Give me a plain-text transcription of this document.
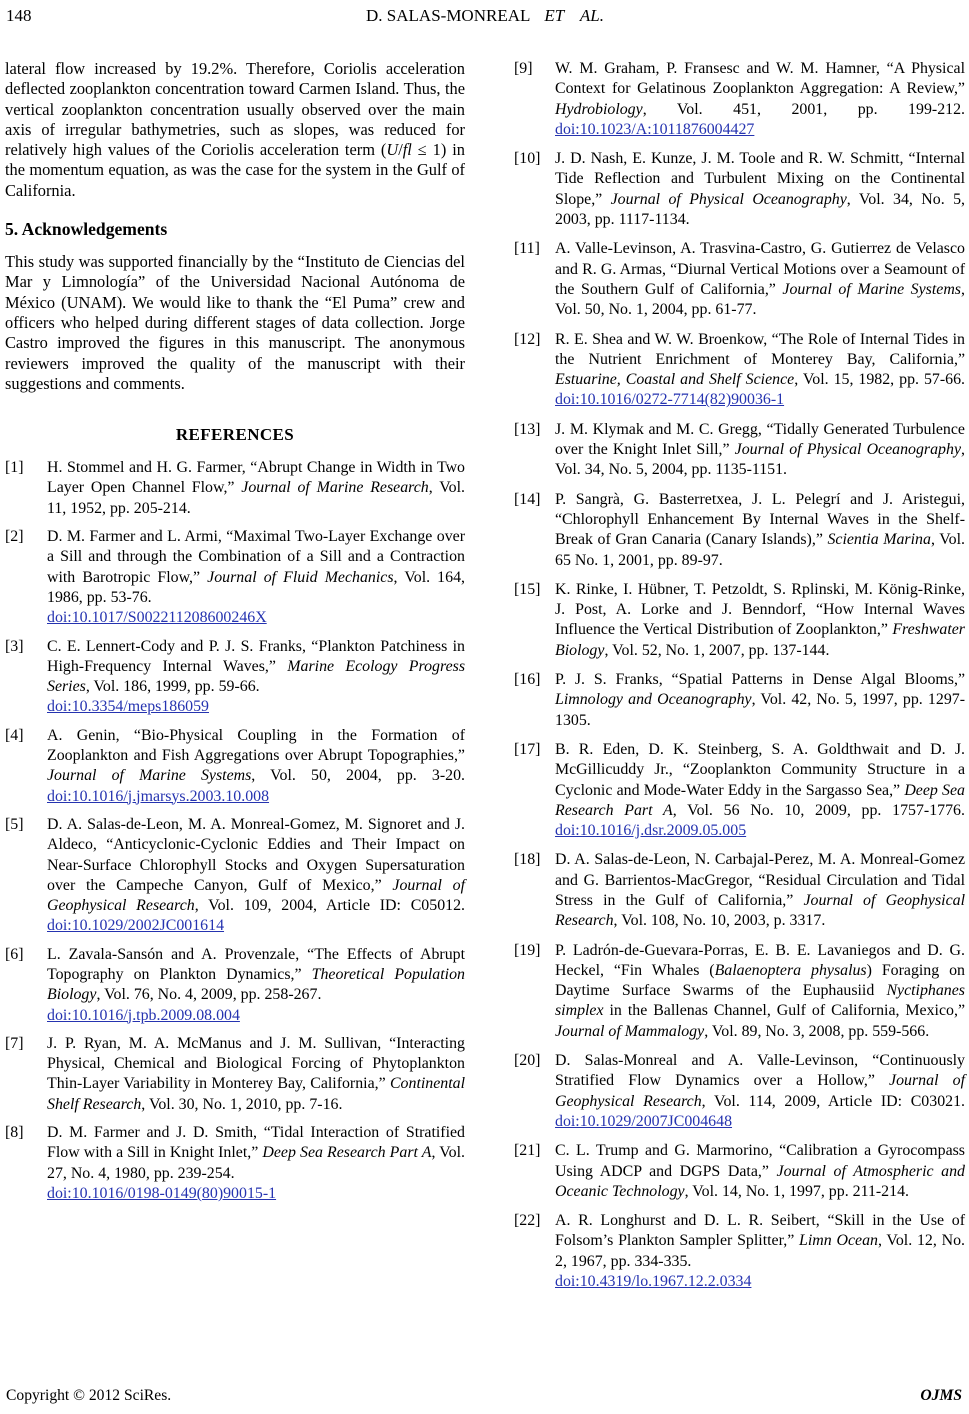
148	D. SALAS-MONREAL ET AL.

lateral flow increased by 19.2%. Therefore, Coriolis acceleration deflected zooplankton concentration toward Carmen Island. Thus, the vertical zooplankton concentration usually observed over the main axis of irregular bathymetries, such as slopes, was reduced for relatively high values of the Coriolis acceleration term (U/fl ≤ 1) in the momentum equation, as was the case for the system in the Gulf of California.

5. Acknowledgements

This study was supported financially by the “Instituto de Ciencias del Mar y Limnología” of the Universidad Nacional Autónoma de México (UNAM). We would like to thank the “El Puma” crew and officers who helped during different stages of data collection. Jorge Castro improved the figures in this manuscript. The anonymous reviewers improved the quality of the manuscript with their suggestions and comments.

REFERENCES
[1] H. Stommel and H. G. Farmer, “Abrupt Change in Width in Two Layer Open Channel Flow,” Journal of Marine Research, Vol. 11, 1952, pp. 205-214.
[2] D. M. Farmer and L. Armi, “Maximal Two-Layer Exchange over a Sill and through the Combination of a Sill and a Contraction with Barotropic Flow,” Journal of Fluid Mechanics, Vol. 164, 1986, pp. 53-76.
doi:10.1017/S002211208600246X
[3] C. E. Lennert-Cody and P. J. S. Franks, “Plankton Patchiness in High-Frequency Internal Waves,” Marine Ecology Progress Series, Vol. 186, 1999, pp. 59-66.
doi:10.3354/meps186059
[4] A. Genin, “Bio-Physical Coupling in the Formation of Zooplankton and Fish Aggregations over Abrupt Topographies,” Journal of Marine Systems, Vol. 50, 2004, pp. 3-20. doi:10.1016/j.jmarsys.2003.10.008
[5] D. A. Salas-de-Leon, M. A. Monreal-Gomez, M. Signoret and J. Aldeco, “Anticyclonic-Cyclonic Eddies and Their Impact on Near-Surface Chlorophyll Stocks and Oxygen Supersaturation over the Campeche Canyon, Gulf of Mexico,” Journal of Geophysical Research, Vol. 109, 2004, Article ID: C05012. doi:10.1029/2002JC001614
[6] L. Zavala-Sansón and A. Provenzale, “The Effects of Abrupt Topography on Plankton Dynamics,” Theoretical Population Biology, Vol. 76, No. 4, 2009, pp. 258-267.
doi:10.1016/j.tpb.2009.08.004
[7] J. P. Ryan, M. A. McManus and J. M. Sullivan, “Interacting Physical, Chemical and Biological Forcing of Phytoplankton Thin-Layer Variability in Monterey Bay, California,” Continental Shelf Research, Vol. 30, No. 1, 2010, pp. 7-16.
[8] D. M. Farmer and J. D. Smith, “Tidal Interaction of Stratified Flow with a Sill in Knight Inlet,” Deep Sea Research Part A, Vol. 27, No. 4, 1980, pp. 239-254.
doi:10.1016/0198-0149(80)90015-1
[9] W. M. Graham, P. Fransesc and W. M. Hamner, “A Physical Context for Gelatinous Zooplankton Aggregation: A Review,” Hydrobiology, Vol. 451, 2001, pp. 199-212. doi:10.1023/A:1011876004427
[10] J. D. Nash, E. Kunze, J. M. Toole and R. W. Schmitt, “Internal Tide Reflection and Turbulent Mixing on the Continental Slope,” Journal of Physical Oceanography, Vol. 34, No. 5, 2003, pp. 1117-1134.
[11] A. Valle-Levinson, A. Trasvina-Castro, G. Gutierrez de Velasco and R. G. Armas, “Diurnal Vertical Motions over a Seamount of the Southern Gulf of California,” Journal of Marine Systems, Vol. 50, No. 1, 2004, pp. 61-77.
[12] R. E. Shea and W. W. Broenkow, “The Role of Internal Tides in the Nutrient Enrichment of Monterey Bay, California,” Estuarine, Coastal and Shelf Science, Vol. 15, 1982, pp. 57-66. doi:10.1016/0272-7714(82)90036-1
[13] J. M. Klymak and M. C. Gregg, “Tidally Generated Turbulence over the Knight Inlet Sill,” Journal of Physical Oceanography, Vol. 34, No. 5, 2004, pp. 1135-1151.
[14] P. Sangrà, G. Basterretxea, J. L. Pelegrí and J. Aristegui, “Chlorophyll Enhancement By Internal Waves in the Shelf-Break of Gran Canaria (Canary Islands),” Scientia Marina, Vol. 65 No. 1, 2001, pp. 89-97.
[15] K. Rinke, I. Hübner, T. Petzoldt, S. Rplinski, M. König-Rinke, J. Post, A. Lorke and J. Benndorf, “How Internal Waves Influence the Vertical Distribution of Zooplankton,” Freshwater Biology, Vol. 52, No. 1, 2007, pp. 137-144.
[16] P. J. S. Franks, “Spatial Patterns in Dense Algal Blooms,” Limnology and Oceanography, Vol. 42, No. 5, 1997, pp. 1297-1305.
[17] B. R. Eden, D. K. Steinberg, S. A. Goldthwait and D. J. McGillicuddy Jr., “Zooplankton Community Structure in a Cyclonic and Mode-Water Eddy in the Sargasso Sea,” Deep Sea Research Part A, Vol. 56 No. 10, 2009, pp. 1757-1776. doi:10.1016/j.dsr.2009.05.005
[18] D. A. Salas-de-Leon, N. Carbajal-Perez, M. A. Monreal-Gomez and G. Barrientos-MacGregor, “Residual Circulation and Tidal Stress in the Gulf of California,” Journal of Geophysical Research, Vol. 108, No. 10, 2003, p. 3317.
[19] P. Ladrón-de-Guevara-Porras, E. B. E. Lavaniegos and D. G. Heckel, “Fin Whales (Balaenoptera physalus) Foraging on Daytime Surface Swarms of the Euphausiid Nyctiphanes simplex in the Ballenas Channel, Gulf of California, Mexico,” Journal of Mammalogy, Vol. 89, No. 3, 2008, pp. 559-566.
[20] D. Salas-Monreal and A. Valle-Levinson, “Continuously Stratified Flow Dynamics over a Hollow,” Journal of Geophysical Research, Vol. 114, 2009, Article ID: C03021. doi:10.1029/2007JC004648
[21] C. L. Trump and G. Marmorino, “Calibration a Gyrocompass Using ADCP and DGPS Data,” Journal of Atmospheric and Oceanic Technology, Vol. 14, No. 1, 1997, pp. 211-214.
[22] A. R. Longhurst and D. L. R. Seibert, “Skill in the Use of Folsom’s Plankton Sampler Splitter,” Limn Ocean, Vol. 12, No. 2, 1967, pp. 334-335.
doi:10.4319/lo.1967.12.2.0334
Copyright © 2012 SciRes.	OJMS
